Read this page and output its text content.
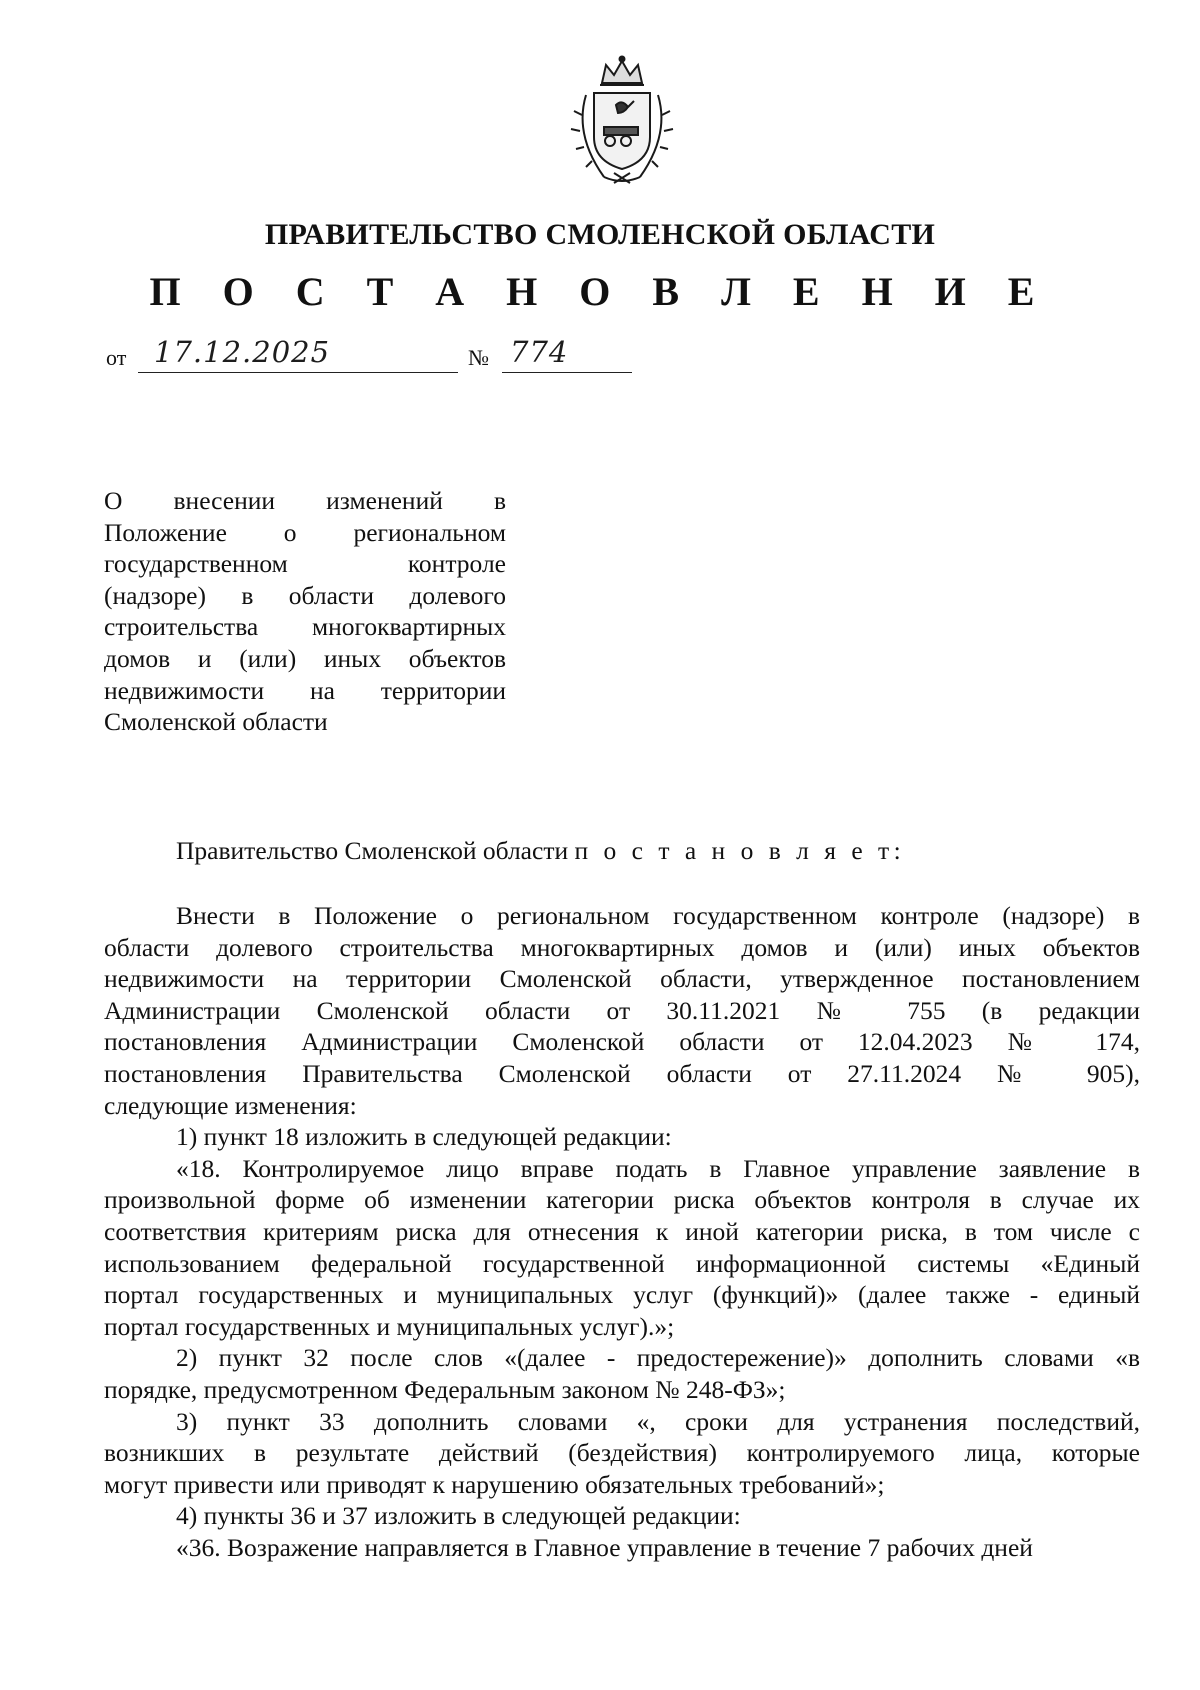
ПРАВИТЕЛЬСТВО СМОЛЕНСКОЙ ОБЛАСТИ
П О С Т А Н О В Л Е Н И Е
от 17.12.2025	№ 774
О внесении изменений в
Положение о региональном
государственном контроле
(надзоре) в области долевого
строительства многоквартирных
домов и (или) иных объектов
недвижимости на территории
Смоленской области

Правительство Смоленской области п о с т а н о в л я е т:

Внести в Положение о региональном государственном контроле (надзоре) в
области долевого строительства многоквартирных домов и (или) иных объектов
недвижимости на территории Смоленской области, утвержденное постановлением
Администрации Смоленской области от 30.11.2021 № 755 (в редакции
постановления Администрации Смоленской области от 12.04.2023 № 174,
постановления Правительства Смоленской области от 27.11.2024 № 905),
следующие изменения:
1) пункт 18 изложить в следующей редакции:
«18. Контролируемое лицо вправе подать в Главное управление заявление в
произвольной форме об изменении категории риска объектов контроля в случае их
соответствия критериям риска для отнесения к иной категории риска, в том числе с
использованием федеральной государственной информационной системы «Единый
портал государственных и муниципальных услуг (функций)» (далее также - единый
портал государственных и муниципальных услуг).»;
2) пункт 32 после слов «(далее - предостережение)» дополнить словами «в
порядке, предусмотренном Федеральным законом № 248-ФЗ»;
3) пункт 33 дополнить словами «, сроки для устранения последствий,
возникших в результате действий (бездействия) контролируемого лица, которые
могут привести или приводят к нарушению обязательных требований»;
4) пункты 36 и 37 изложить в следующей редакции:
«36. Возражение направляется в Главное управление в течение 7 рабочих дней
